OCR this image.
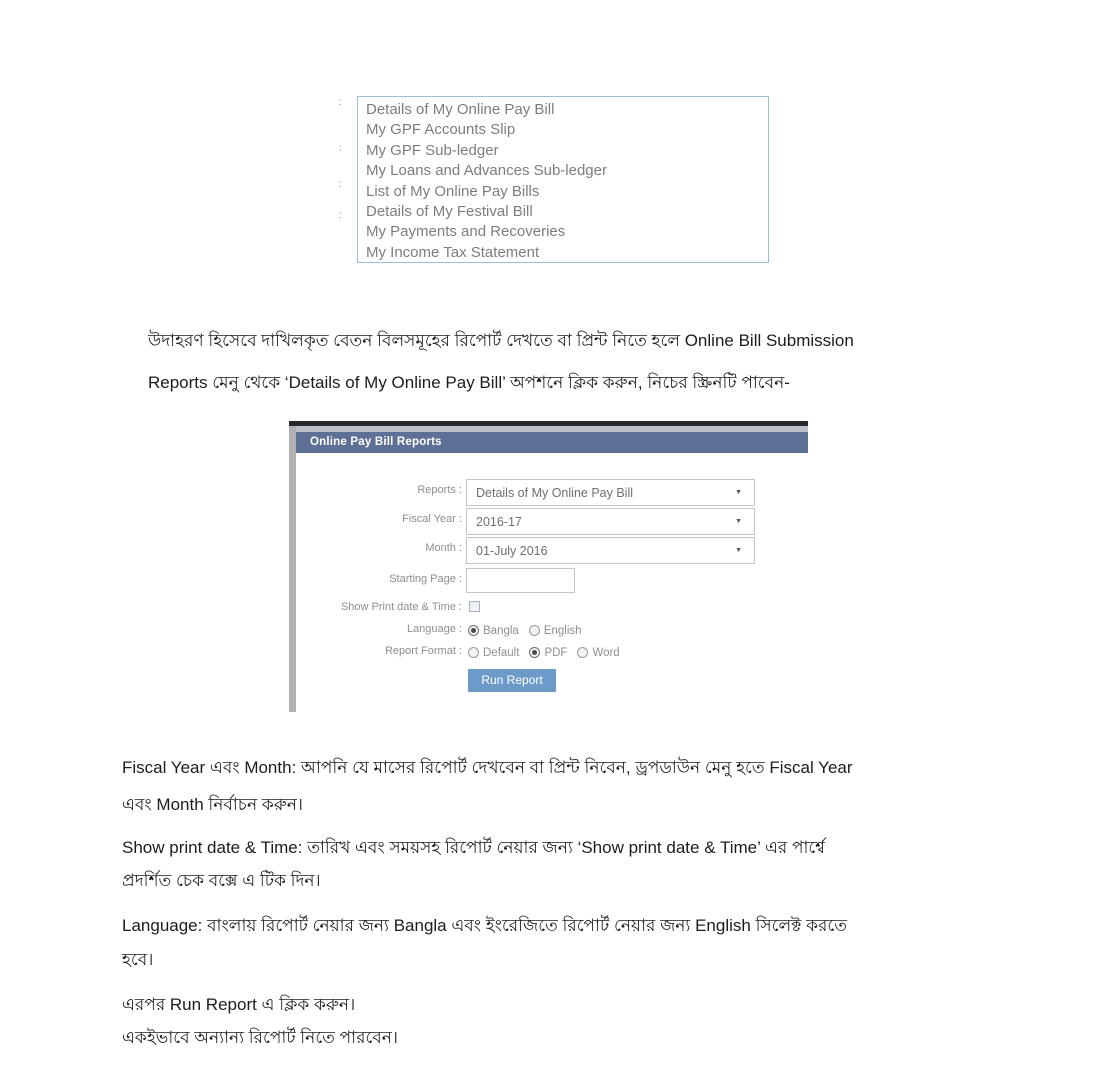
:
:
:
:
Details of My Online Pay Bill
My GPF Accounts Slip
My GPF Sub-ledger
My Loans and Advances Sub-ledger
List of My Online Pay Bills
Details of My Festival Bill
My Payments and Recoveries
My Income Tax Statement
উদাহরণ হিসেবে দাখিলকৃত বেতন বিলসমূহের রিপোর্ট দেখতে বা প্রিন্ট নিতে হলে Online Bill Submission
Reports মেনু থেকে ‘Details of My Online Pay Bill’ অপশনে ক্লিক করুন, নিচের স্ক্রিনটি পাবেন-
Online Pay Bill Reports
Reports : Details of My Online Pay Bill	▼
Fiscal Year : 2016-17	▼
Month : 01-July 2016	▼
Starting Page :
Show Print date & Time :
Language :	Bangla English
Report Format :	Default PDF Word
Run Report
Fiscal Year এবং Month: আপনি যে মাসের রিপোর্ট দেখবেন বা প্রিন্ট নিবেন, ড্রপডাউন মেনু হতে Fiscal Year
এবং Month নির্বাচন করুন।
Show print date & Time: তারিখ এবং সময়সহ রিপোর্ট নেয়ার জন্য ‘Show print date & Time’ এর পার্শ্বে
প্রদর্শিত চেক বক্সে এ টিক দিন।
Language: বাংলায় রিপোর্ট নেয়ার জন্য Bangla এবং ইংরেজিতে রিপোর্ট নেয়ার জন্য English সিলেক্ট করতে
হবে।
এরপর Run Report এ ক্লিক করুন।
একইভাবে অন্যান্য রিপোর্ট নিতে পারবেন।
